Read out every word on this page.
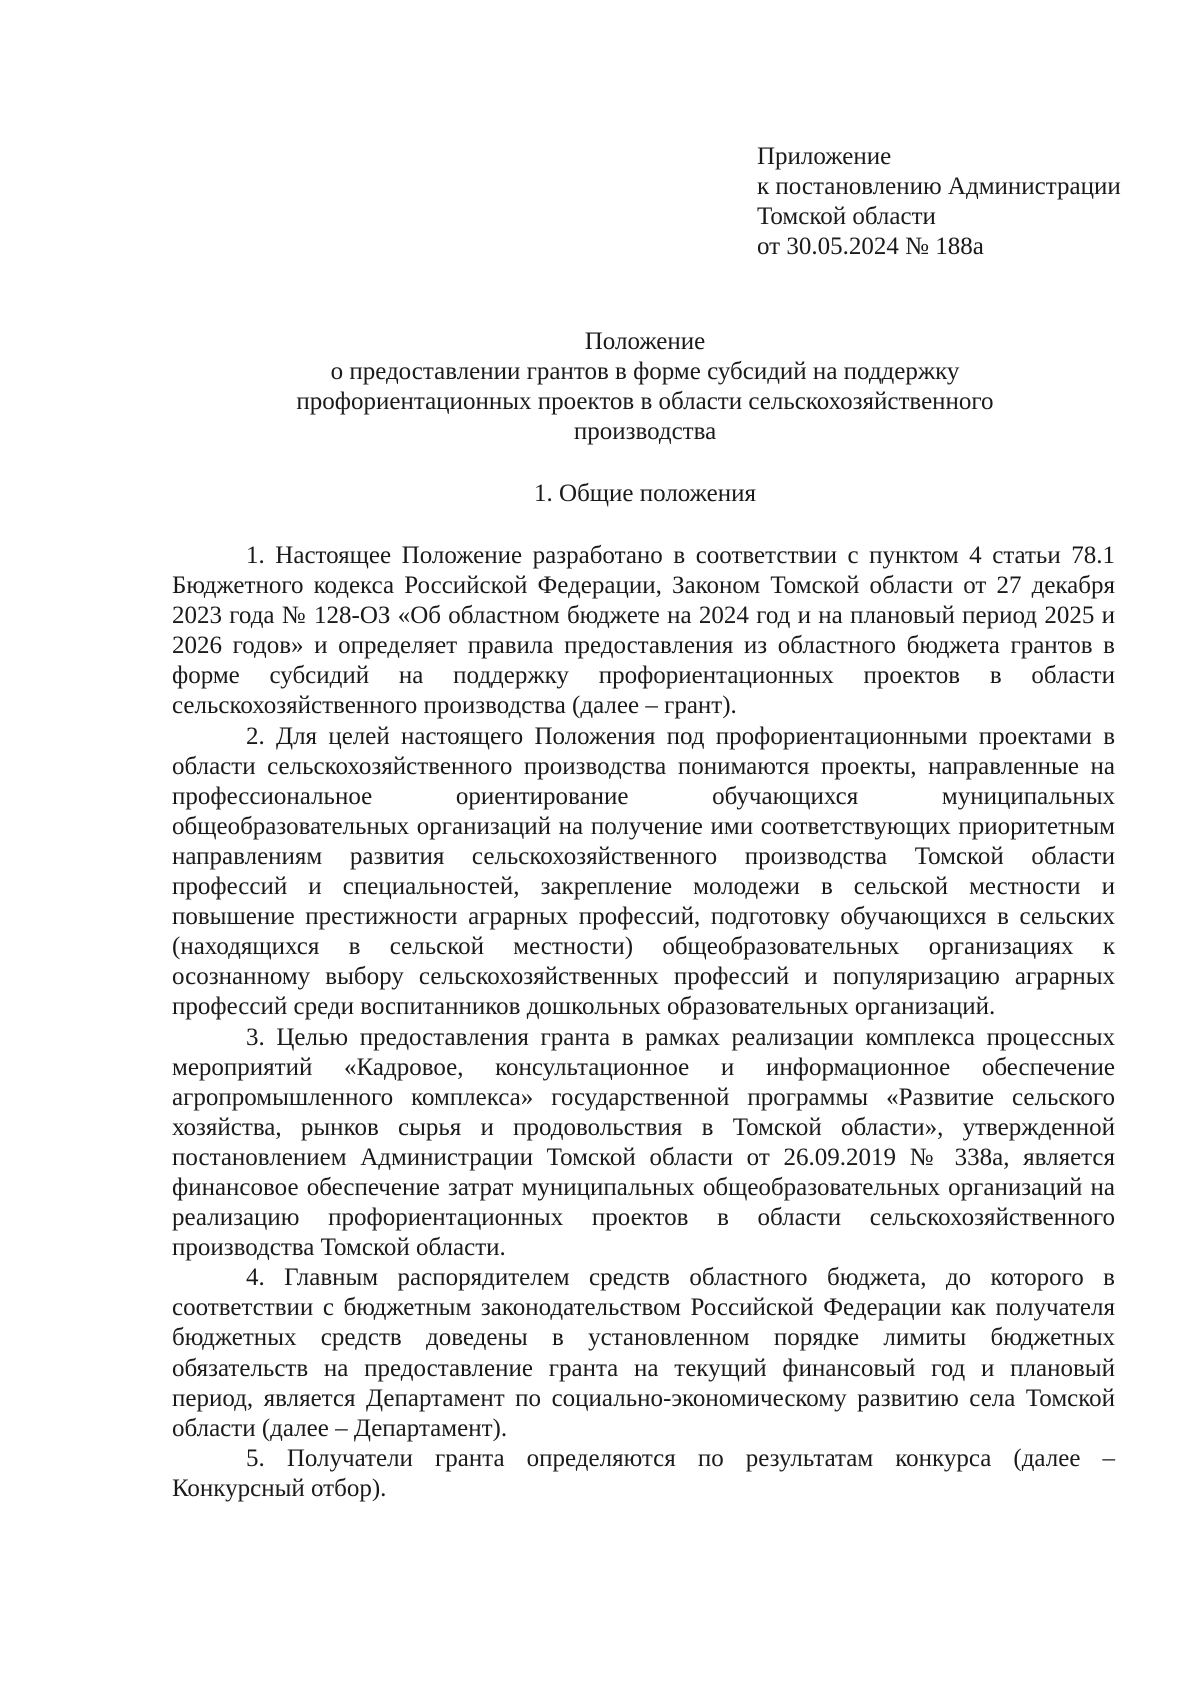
Приложение
к постановлению Администрации
Томской области
от 30.05.2024 № 188а
Положение
о предоставлении грантов в форме субсидий на поддержку
профориентационных проектов в области сельскохозяйственного
производства
1. Общие положения

1. Настоящее Положение разработано в соответствии с пунктом 4 статьи 78.1 Бюджетного кодекса Российской Федерации, Законом Томской области от 27 декабря 2023 года № 128-ОЗ «Об областном бюджете на 2024 год и на плановый период 2025 и 2026 годов» и определяет правила предоставления из областного бюджета грантов в форме субсидий на поддержку профориентационных проектов в области сельскохозяйственного производства (далее – грант).

2. Для целей настоящего Положения под профориентационными проектами в области сельскохозяйственного производства понимаются проекты, направленные на профессиональное ориентирование обучающихся муниципальных общеобразовательных организаций на получение ими соответствующих приоритетным направлениям развития сельскохозяйственного производства Томской области профессий и специальностей, закрепление молодежи в сельской местности и повышение престижности аграрных профессий, подготовку обучающихся в сельских (находящихся в сельской местности) общеобразовательных организациях к осознанному выбору сельскохозяйственных профессий и популяризацию аграрных профессий среди воспитанников дошкольных образовательных организаций.

3. Целью предоставления гранта в рамках реализации комплекса процессных мероприятий «Кадровое, консультационное и информационное обеспечение агропромышленного комплекса» государственной программы «Развитие сельского хозяйства, рынков сырья и продовольствия в Томской области», утвержденной постановлением Администрации Томской области от 26.09.2019 № 338а, является финансовое обеспечение затрат муниципальных общеобразовательных организаций на реализацию профориентационных проектов в области сельскохозяйственного производства Томской области.

4. Главным распорядителем средств областного бюджета, до которого в соответствии с бюджетным законодательством Российской Федерации как получателя бюджетных средств доведены в установленном порядке лимиты бюджетных обязательств на предоставление гранта на текущий финансовый год и плановый период, является Департамент по социально-экономическому развитию села Томской области (далее – Департамент).

5. Получатели гранта определяются по результатам конкурса (далее – Конкурсный отбор).
